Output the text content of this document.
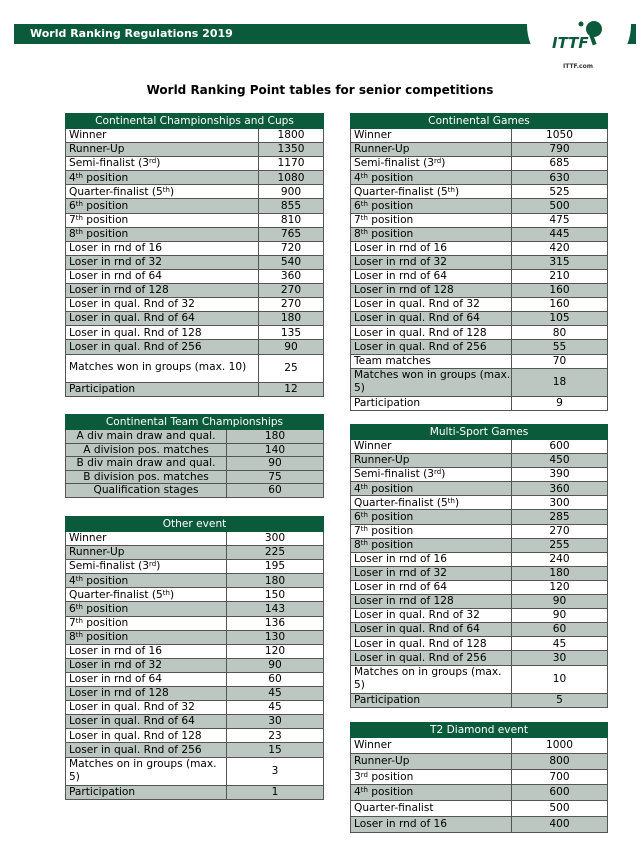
World Ranking Regulations 2019
ITTF
ITTF.com
World Ranking Point tables for senior competitions
Continental Championships and Cups	
Winner	1800
Runner-Up	1350
Semi-finalist (3rd)	1170
4th position	1080
Quarter-finalist (5th)	900
6th position	855
7th position	810
8th position	765
Loser in rnd of 16	720
Loser in rnd of 32	540
Loser in rnd of 64	360
Loser in rnd of 128	270
Loser in qual. Rnd of 32	270
Loser in qual. Rnd of 64	180
Loser in qual. Rnd of 128	135
Loser in qual. Rnd of 256	90
Matches won in groups (max. 10)	25
Participation	12
Continental Team Championships	
A div main draw and qual.	180
A division pos. matches	140
B div main draw and qual.	90
B division pos. matches	75
Qualification stages	60
Other event	
Winner	300
Runner-Up	225
Semi-finalist (3rd)	195
4th position	180
Quarter-finalist (5th)	150
6th position	143
7th position	136
8th position	130
Loser in rnd of 16	120
Loser in rnd of 32	90
Loser in rnd of 64	60
Loser in rnd of 128	45
Loser in qual. Rnd of 32	45
Loser in qual. Rnd of 64	30
Loser in qual. Rnd of 128	23
Loser in qual. Rnd of 256	15
Matches on in groups (max. 5)	3
Participation	1
Continental Games	
Winner	1050
Runner-Up	790
Semi-finalist (3rd)	685
4th position	630
Quarter-finalist (5th)	525
6th position	500
7th position	475
8th position	445
Loser in rnd of 16	420
Loser in rnd of 32	315
Loser in rnd of 64	210
Loser in rnd of 128	160
Loser in qual. Rnd of 32	160
Loser in qual. Rnd of 64	105
Loser in qual. Rnd of 128	80
Loser in qual. Rnd of 256	55
Team matches	70
Matches won in groups (max. 5)	18
Participation	9
Multi-Sport Games	
Winner	600
Runner-Up	450
Semi-finalist (3rd)	390
4th position	360
Quarter-finalist (5th)	300
6th position	285
7th position	270
8th position	255
Loser in rnd of 16	240
Loser in rnd of 32	180
Loser in rnd of 64	120
Loser in rnd of 128	90
Loser in qual. Rnd of 32	90
Loser in qual. Rnd of 64	60
Loser in qual. Rnd of 128	45
Loser in qual. Rnd of 256	30
Matches on in groups (max. 5)	10
Participation	5
T2 Diamond event	
Winner	1000
Runner-Up	800
3rd position	700
4th position	600
Quarter-finalist	500
Loser in rnd of 16	400
